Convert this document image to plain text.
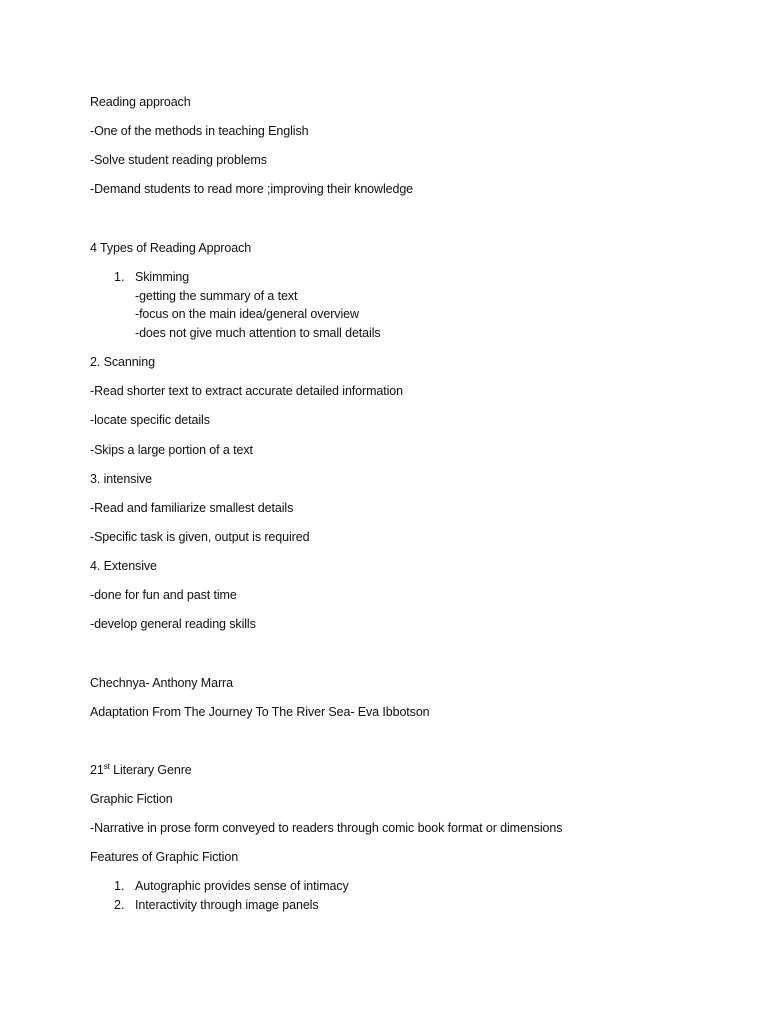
Reading approach
-One of the methods in teaching English
-Solve student reading problems
-Demand students to read more ;improving their knowledge
4 Types of Reading Approach
1. Skimming
-getting the summary of a text
-focus on the main idea/general overview
-does not give much attention to small details
2. Scanning
-Read shorter text to extract accurate detailed information
-locate specific details
-Skips a large portion of a text
3. intensive
-Read and familiarize smallest details
-Specific task is given, output is required
4. Extensive
-done for fun and past time
-develop general reading skills
Chechnya- Anthony Marra
Adaptation From The Journey To The River Sea- Eva Ibbotson
21st Literary Genre
Graphic Fiction
-Narrative in prose form conveyed to readers through comic book format or dimensions
Features of Graphic Fiction
1. Autographic provides sense of intimacy
2. Interactivity through image panels
